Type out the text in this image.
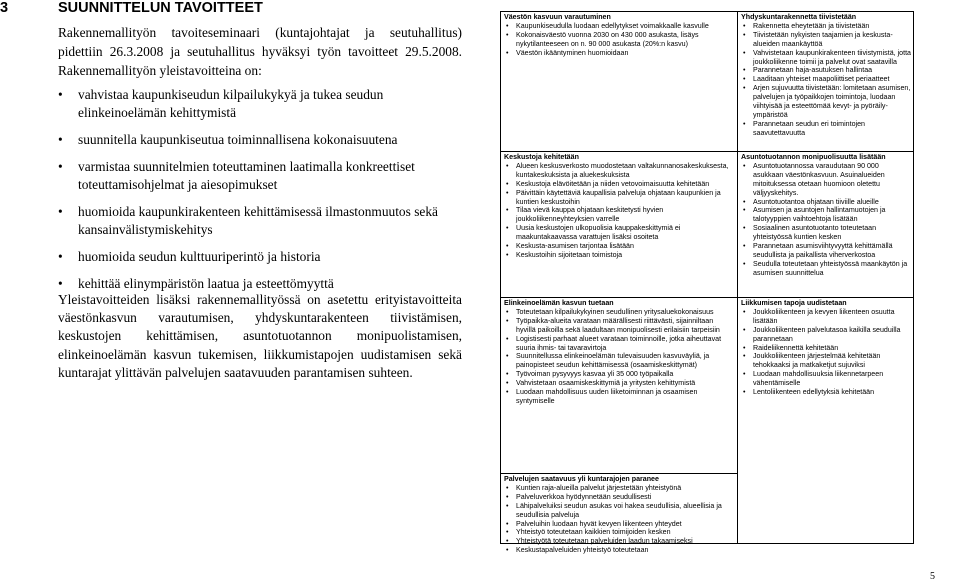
3	SUUNNITTELUN TAVOITTEET
Rakennemallityön tavoiteseminaari (kuntajohtajat ja seutuhallitus) pidettiin 26.3.2008 ja seutuhallitus hyväksyi työn tavoitteet 29.5.2008. Rakennemallityön yleistavoitteina on:
• vahvistaa kaupunkiseudun kilpailukykyä ja tukea seudun elinkeinoelämän kehittymistä
• suunnitella kaupunkiseutua toiminnallisena kokonaisuutena
• varmistaa suunnitelmien toteuttaminen laatimalla konkreettiset toteuttamisohjelmat ja aiesopimukset
• huomioida kaupunkirakenteen kehittämisessä ilmastonmuutos sekä kansainvälistymiskehitys
• huomioida seudun kulttuuriperintö ja historia
• kehittää elinympäristön laatua ja esteettömyyttä
Yleistavoitteiden lisäksi rakennemallityössä on asetettu erityistavoitteita väestönkasvun varautumisen, yhdyskuntarakenteen tiivistämisen, keskustojen kehittämisen, asuntotuotannon monipuolistamisen, elinkeinoelämän kasvun tukemisen, liikkumistapojen uudistamisen sekä kuntarajat ylittävän palvelujen saatavuuden parantamisen suhteen.
Väestön kasvuun varautuminen
• Kaupunkiseudulla luodaan edellytykset voimakkaalle kasvulle
• Kokonaisväestö vuonna 2030 on 430 000 asukasta, lisäys nykytilanteeseen on n. 90 000 asukasta (20%:n kasvu)
• Väestön ikääntyminen huomioidaan
Keskustoja kehitetään
• Alueen keskusverkosto muodostetaan valtakunnanosakeskuksesta, kuntakeskuksista ja aluekeskuksista
• Keskustoja elävöitetään ja niiden vetovoimaisuutta kehitetään
• Päivittäin käytettäviä kaupallisia palveluja ohjataan kaupunkien ja kuntien keskustoihin
• Tilaa vievä kauppa ohjataan keskitetysti hyvien joukkoliikenneyhteyksien varrelle
• Uusia keskustojen ulkopuolisia kauppakeskittymiä ei maakuntakaavassa varattujen lisäksi osoiteta
• Keskusta-asumisen tarjontaa lisätään
• Keskustoihin sijoitetaan toimistoja
Elinkeinoelämän kasvun tuetaan
• Toteutetaan kilpailukykyinen seudullinen yritysaluekokonaisuus
• Työpaikka-alueita varataan määrällisesti riittävästi, sijainniltaan hyvillä paikoilla sekä laadultaan monipuolisesti erilaisiin tarpeisiin
• Logistisesti parhaat alueet varataan toiminnoille, jotka aiheuttavat suuria ihmis- tai tavaravirtoja
• Suunnitellussa elinkeinoelämän tulevaisuuden kasvuväyliä, ja painopisteet seudun kehittämisessä (osaamiskeskittymät)
• Työvoiman pysyvyys kasvaa yli 35 000 työpaikalla
• Vahvistetaan osaamiskeskittymiä ja yritysten kehittymistä
• Luodaan mahdollisuus uuden liiketoiminnan ja osaamisen syntymiselle
Palvelujen saatavuus yli kuntarajojen paranee
• Kuntien raja-alueilla palvelut järjestetään yhteistyönä
• Palveluverkkoa hyödynnetään seudullisesti
• Lähipalveluiksi seudun asukas voi hakea seudullisia, alueellisia ja seudullisia palveluja
• Palveluihin luodaan hyvät kevyen liikenteen yhteydet
• Yhteistyö toteutetaan kaikkien toimijoiden kesken
• Yhteistyötä toteutetaan palveluiden laadun takaamiseksi
• Keskustapalveluiden yhteistyö toteutetaan
Yhdyskuntarakennetta tiivistetään
• Rakennetta eheytetään ja tiivistetään
• Tiivistetään nykyisten taajamien ja keskusta-alueiden maankäyttöä
• Vahvistetaan kaupunkirakenteen tiivistymistä, jotta joukkoliikenne toimii ja palvelut ovat saatavilla
• Parannetaan haja-asutuksen hallintaa
• Laaditaan yhteiset maapoliittiset periaatteet
• Arjen sujuvuutta tiivistetään: lomitetaan asumisen, palvelujen ja työpaikkojen toimintoja, luodaan viihtyisää ja esteettömää kevyt- ja pyöräily-ympäristöä
• Parannetaan seudun eri toimintojen saavutettavuutta
Asuntotuotannon monipuolisuutta lisätään
• Asuntotuotannossa varaudutaan 90 000 asukkaan väestönkasvuun. Asuinalueiden mitoituksessa otetaan huomioon oletettu väljyyskehitys.
• Asuntotuotantoa ohjataan tiiviille alueille
• Asumisen ja asuntojen hallintamuotojen ja talotyyppien vaihtoehtoja lisätään
• Sosiaalinen asuntotuotanto toteutetaan yhteistyössä kuntien kesken
• Parannetaan asumisviihtyvyyttä kehittämällä seudullista ja paikallista viherverkostoa
• Seudulla toteutetaan yhteistyössä maankäytön ja asumisen suunnittelua
Liikkumisen tapoja uudistetaan
• Joukkoliikenteen ja kevyen liikenteen osuutta lisätään
• Joukkoliikenteen palvelutasoa kaikilla seuduilla parannetaan
• Raideliikennettä kehitetään
• Joukkoliikenteen järjestelmää kehitetään tehokkaaksi ja matkaketjut sujuviksi
• Luodaan mahdollisuuksia liikennetarpeen vähentämiselle
• Lentoliikenteen edellytyksiä kehitetään
5
